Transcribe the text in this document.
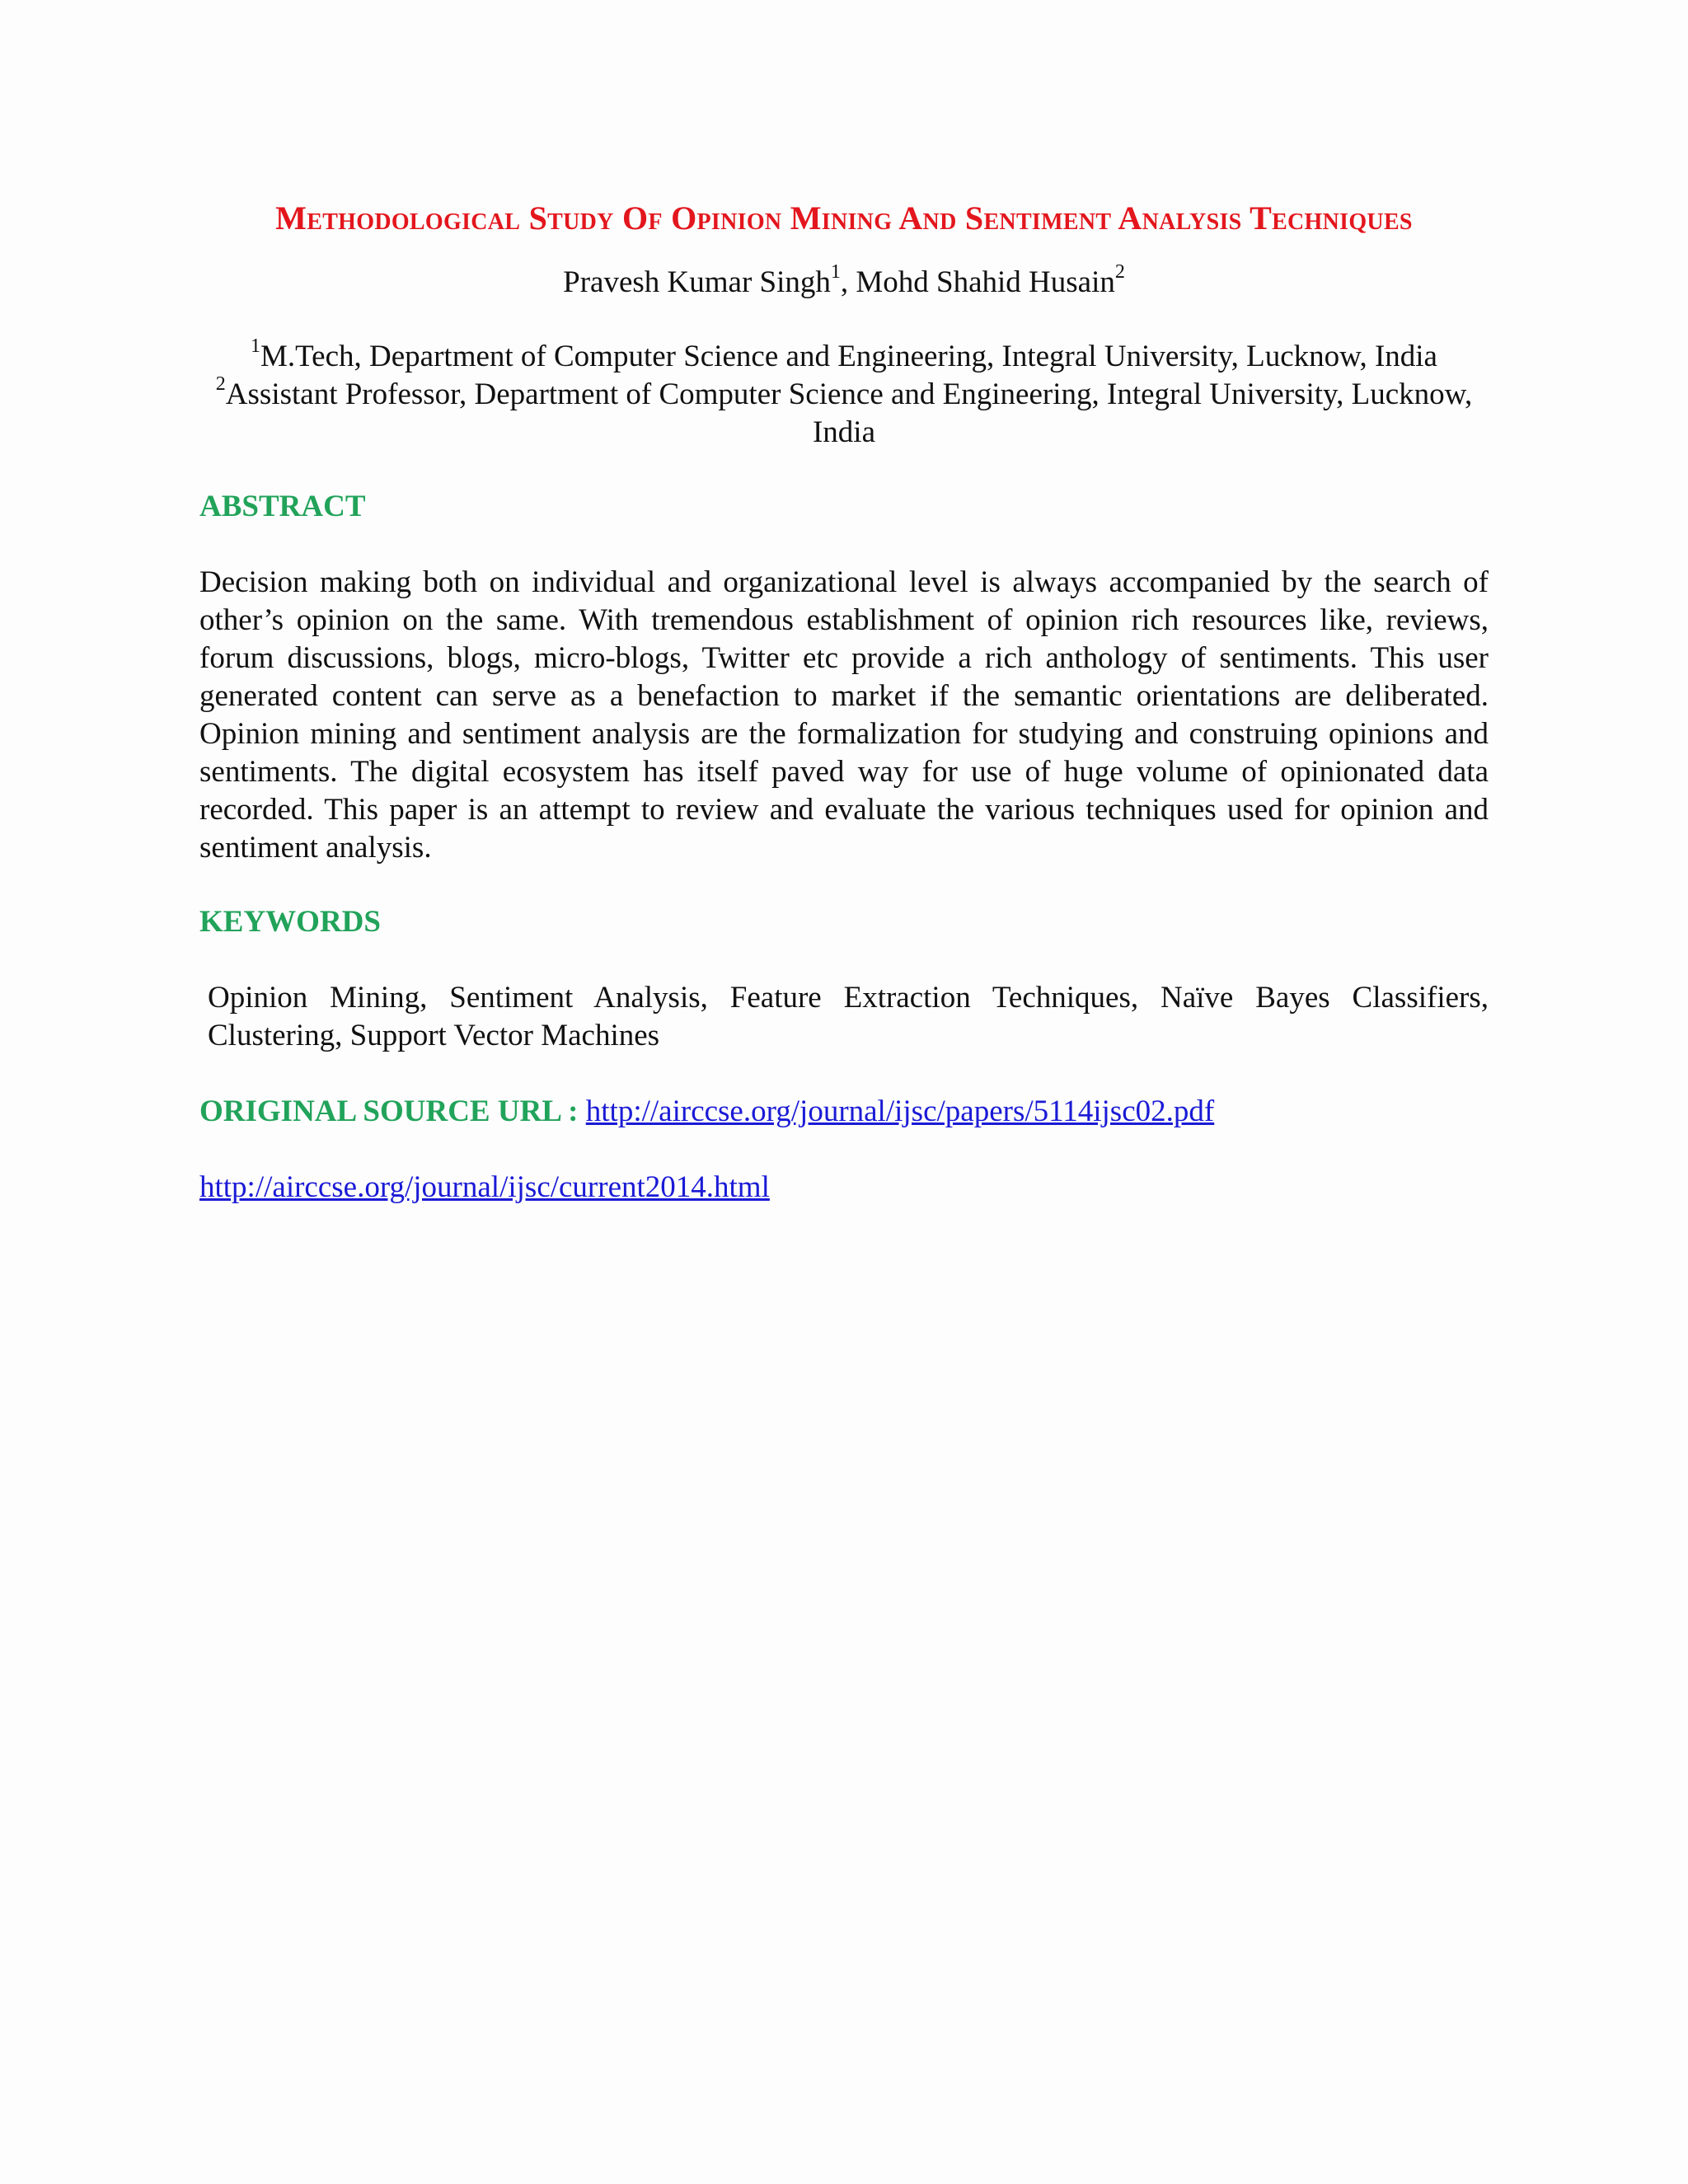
Methodological Study Of Opinion Mining And Sentiment Analysis Techniques
Pravesh Kumar Singh$^1$, Mohd Shahid Husain$^2$
$^1$M.Tech, Department of Computer Science and Engineering, Integral University, Lucknow, India
$^2$Assistant Professor, Department of Computer Science and Engineering, Integral University, Lucknow, India
ABSTRACT
Decision making both on individual and organizational level is always accompanied by the search of other’s opinion on the same. With tremendous establishment of opinion rich resources like, reviews, forum discussions, blogs, micro-blogs, Twitter etc provide a rich anthology of sentiments. This user generated content can serve as a benefaction to market if the semantic orientations are deliberated. Opinion mining and sentiment analysis are the formalization for studying and construing opinions and sentiments. The digital ecosystem has itself paved way for use of huge volume of opinionated data recorded. This paper is an attempt to review and evaluate the various techniques used for opinion and sentiment analysis.
KEYWORDS
Opinion Mining, Sentiment Analysis, Feature Extraction Techniques, Naïve Bayes Classifiers, Clustering, Support Vector Machines
ORIGINAL SOURCE URL : http://airccse.org/journal/ijsc/papers/5114ijsc02.pdf
http://airccse.org/journal/ijsc/current2014.html
